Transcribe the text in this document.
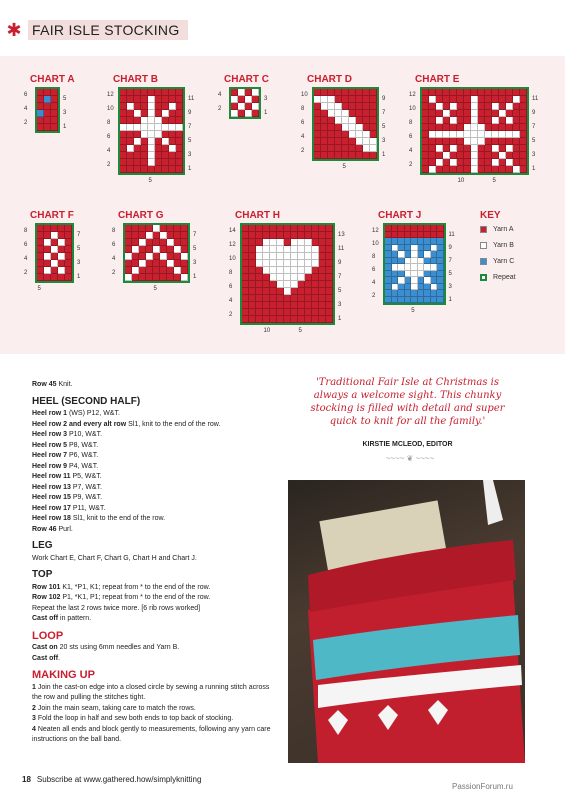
✱ FAIR ISLE STOCKING
CHART A
6
4
2
5
3
1
CHART B
12
10
8
6
4
2
11
9
7
5
3
1
5
CHART C
4
2
3
1
CHART D
10
8
6
4
2
9
7
5
3
1
5
CHART E
12
10
8
6
4
2
11
9
7
5
3
1
10	5
CHART F
8
6
4
2
7
5
3
1
5
CHART G
8
6
4
2
7
5
3
1
5
CHART H
14
12
10
8
6
4
2
13
11
9
7
5
3
1
10	5
CHART J
12
10
8
6
4
2
11
9
7
5
3
1
5
KEY
Yarn A
Yarn B
Yarn C
Repeat

Row 45 Knit.

HEEL (SECOND HALF)

Heel row 1 (WS) P12, W&T.

Heel row 2 and every alt row Sl1, knit to the end of the row.

Heel row 3 P10, W&T.

Heel row 5 P8, W&T.

Heel row 7 P6, W&T.

Heel row 9 P4, W&T.

Heel row 11 P5, W&T.

Heel row 13 P7, W&T.

Heel row 15 P9, W&T.

Heel row 17 P11, W&T.

Heel row 18 Sl1, knit to the end of the row.

Row 46 Purl.

LEG

Work Chart E, Chart F, Chart G, Chart H and Chart J.

TOP

Row 101 K1, *P1, K1; repeat from * to the end of the row.

Row 102 P1, *K1, P1; repeat from * to the end of the row.

Repeat the last 2 rows twice more. [6 rib rows worked]

Cast off in pattern.

LOOP

Cast on 20 sts using 6mm needles and Yarn B.

Cast off.

MAKING UP

1 Join the cast-on edge into a closed circle by sewing a running stitch across the row and pulling the stitches tight.

2 Join the main seam, taking care to match the rows.

3 Fold the loop in half and sew both ends to top back of stocking.

4 Neaten all ends and block gently to measurements, following any yarn care instructions on the ball band.

'Traditional Fair Isle at Christmas is always a welcome sight. This chunky stocking is filled with detail and super quick to knit for all the family.'
KIRSTIE MCLEOD, EDITOR
~~~~ ❦ ~~~~
18 Subscribe at www.gathered.how/simplyknitting
PassionForum.ru
